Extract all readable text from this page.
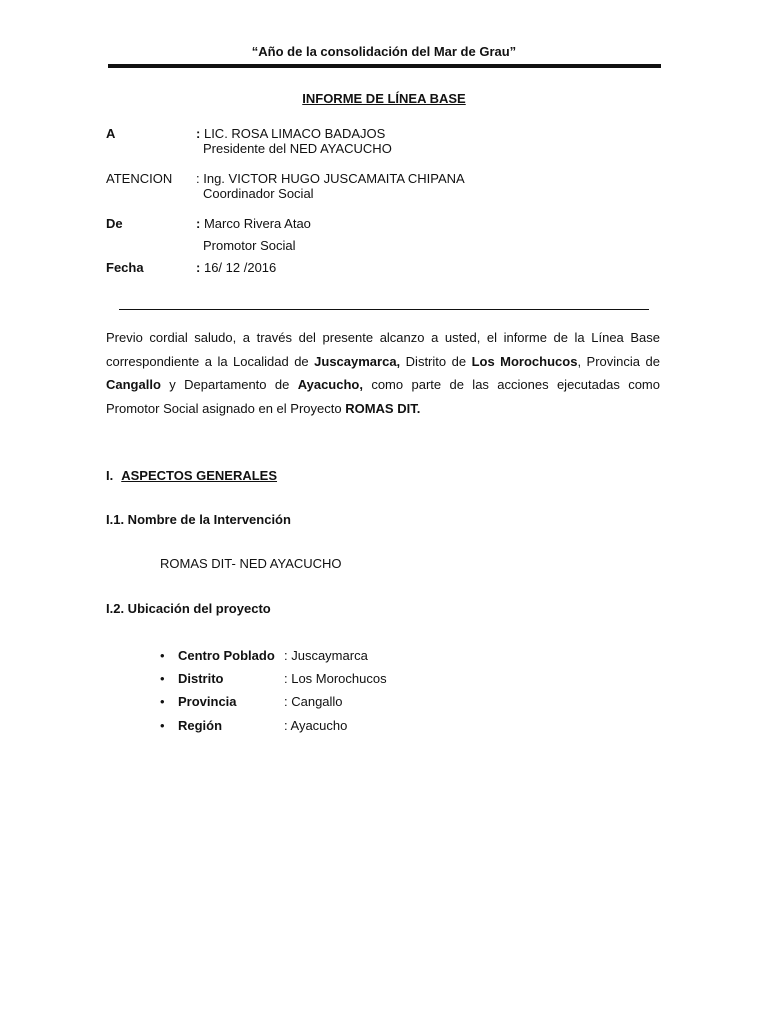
“Año de la consolidación del Mar de Grau”
INFORME DE LÍNEA BASE
A	: LIC. ROSA LIMACO BADAJOS
Presidente del NED AYACUCHO
ATENCION : Ing. VICTOR HUGO JUSCAMAITA CHIPANA
Coordinador Social
De	: Marco Rivera Atao
Promotor Social
Fecha	: 16/ 12 /2016
Previo cordial saludo, a través del presente alcanzo a usted, el informe de la Línea Base correspondiente a la Localidad de Juscaymarca, Distrito de Los Morochucos, Provincia de Cangallo y Departamento de Ayacucho, como parte de las acciones ejecutadas como Promotor Social asignado en el Proyecto ROMAS DIT.
I. ASPECTOS GENERALES
I.1. Nombre de la Intervención
ROMAS DIT- NED AYACUCHO
I.2. Ubicación del proyecto
• Centro Poblado : Juscaymarca
• Distrito	: Los Morochucos
• Provincia	: Cangallo
• Región	: Ayacucho
